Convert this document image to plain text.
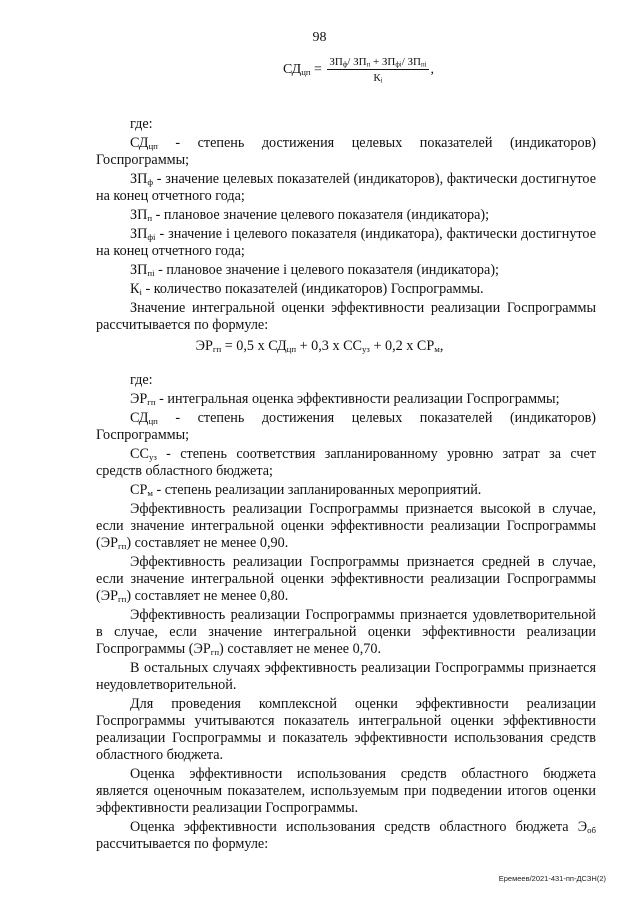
98
$СД_{цп} = \frac{ЗП_ф/ ЗП_п + ЗП_{фi}/ ЗП_{пi}}{К_i}$ ,

где:

$СД_{цп}$ - степень достижения целевых показателей (индикаторов) Госпрограммы;

$ЗП_ф$ - значение целевых показателей (индикаторов), фактически достигнутое на конец отчетного года;

$ЗП_п$ - плановое значение целевого показателя (индикатора);

$ЗП_{фi}$ - значение i целевого показателя (индикатора), фактически достигнутое на конец отчетного года;

$ЗП_{пi}$ - плановое значение i целевого показателя (индикатора);

$К_i$ - количество показателей (индикаторов) Госпрограммы.

Значение интегральной оценки эффективности реализации Госпрограммы рассчитывается по формуле:

$ЭР_{гп} = 0,5$ x $СД_{цп} + 0,3$ x $СС_{уз} + 0,2$ x $СР_м$,

где:

$ЭР_{гп}$ - интегральная оценка эффективности реализации Госпрограммы;

$СД_{цп}$ - степень достижения целевых показателей (индикаторов) Госпрограммы;

$СС_{уз}$ - степень соответствия запланированному уровню затрат за счет средств областного бюджета;

$СР_м$ - степень реализации запланированных мероприятий.

Эффективность реализации Госпрограммы признается высокой в случае, если значение интегральной оценки эффективности реализации Госпрограммы $(ЭР_{гп})$ составляет не менее 0,90.

Эффективность реализации Госпрограммы признается средней в случае, если значение интегральной оценки эффективности реализации Госпрограммы $(ЭР_{гп})$ составляет не менее 0,80.

Эффективность реализации Госпрограммы признается удовлетворительной в случае, если значение интегральной оценки эффективности реализации Госпрограммы $(ЭР_{гп})$ составляет не менее 0,70.

В остальных случаях эффективность реализации Госпрограммы признается неудовлетворительной.

Для проведения комплексной оценки эффективности реализации Госпрограммы учитываются показатель интегральной оценки эффективности реализации Госпрограммы и показатель эффективности использования средств областного бюджета.

Оценка эффективности использования средств областного бюджета является оценочным показателем, используемым при подведении итогов оценки эффективности реализации Госпрограммы.

Оценка эффективности использования средств областного бюджета $Э_{об}$ рассчитывается по формуле:

Еремеев/2021-431-пп-ДСЗН(2)
